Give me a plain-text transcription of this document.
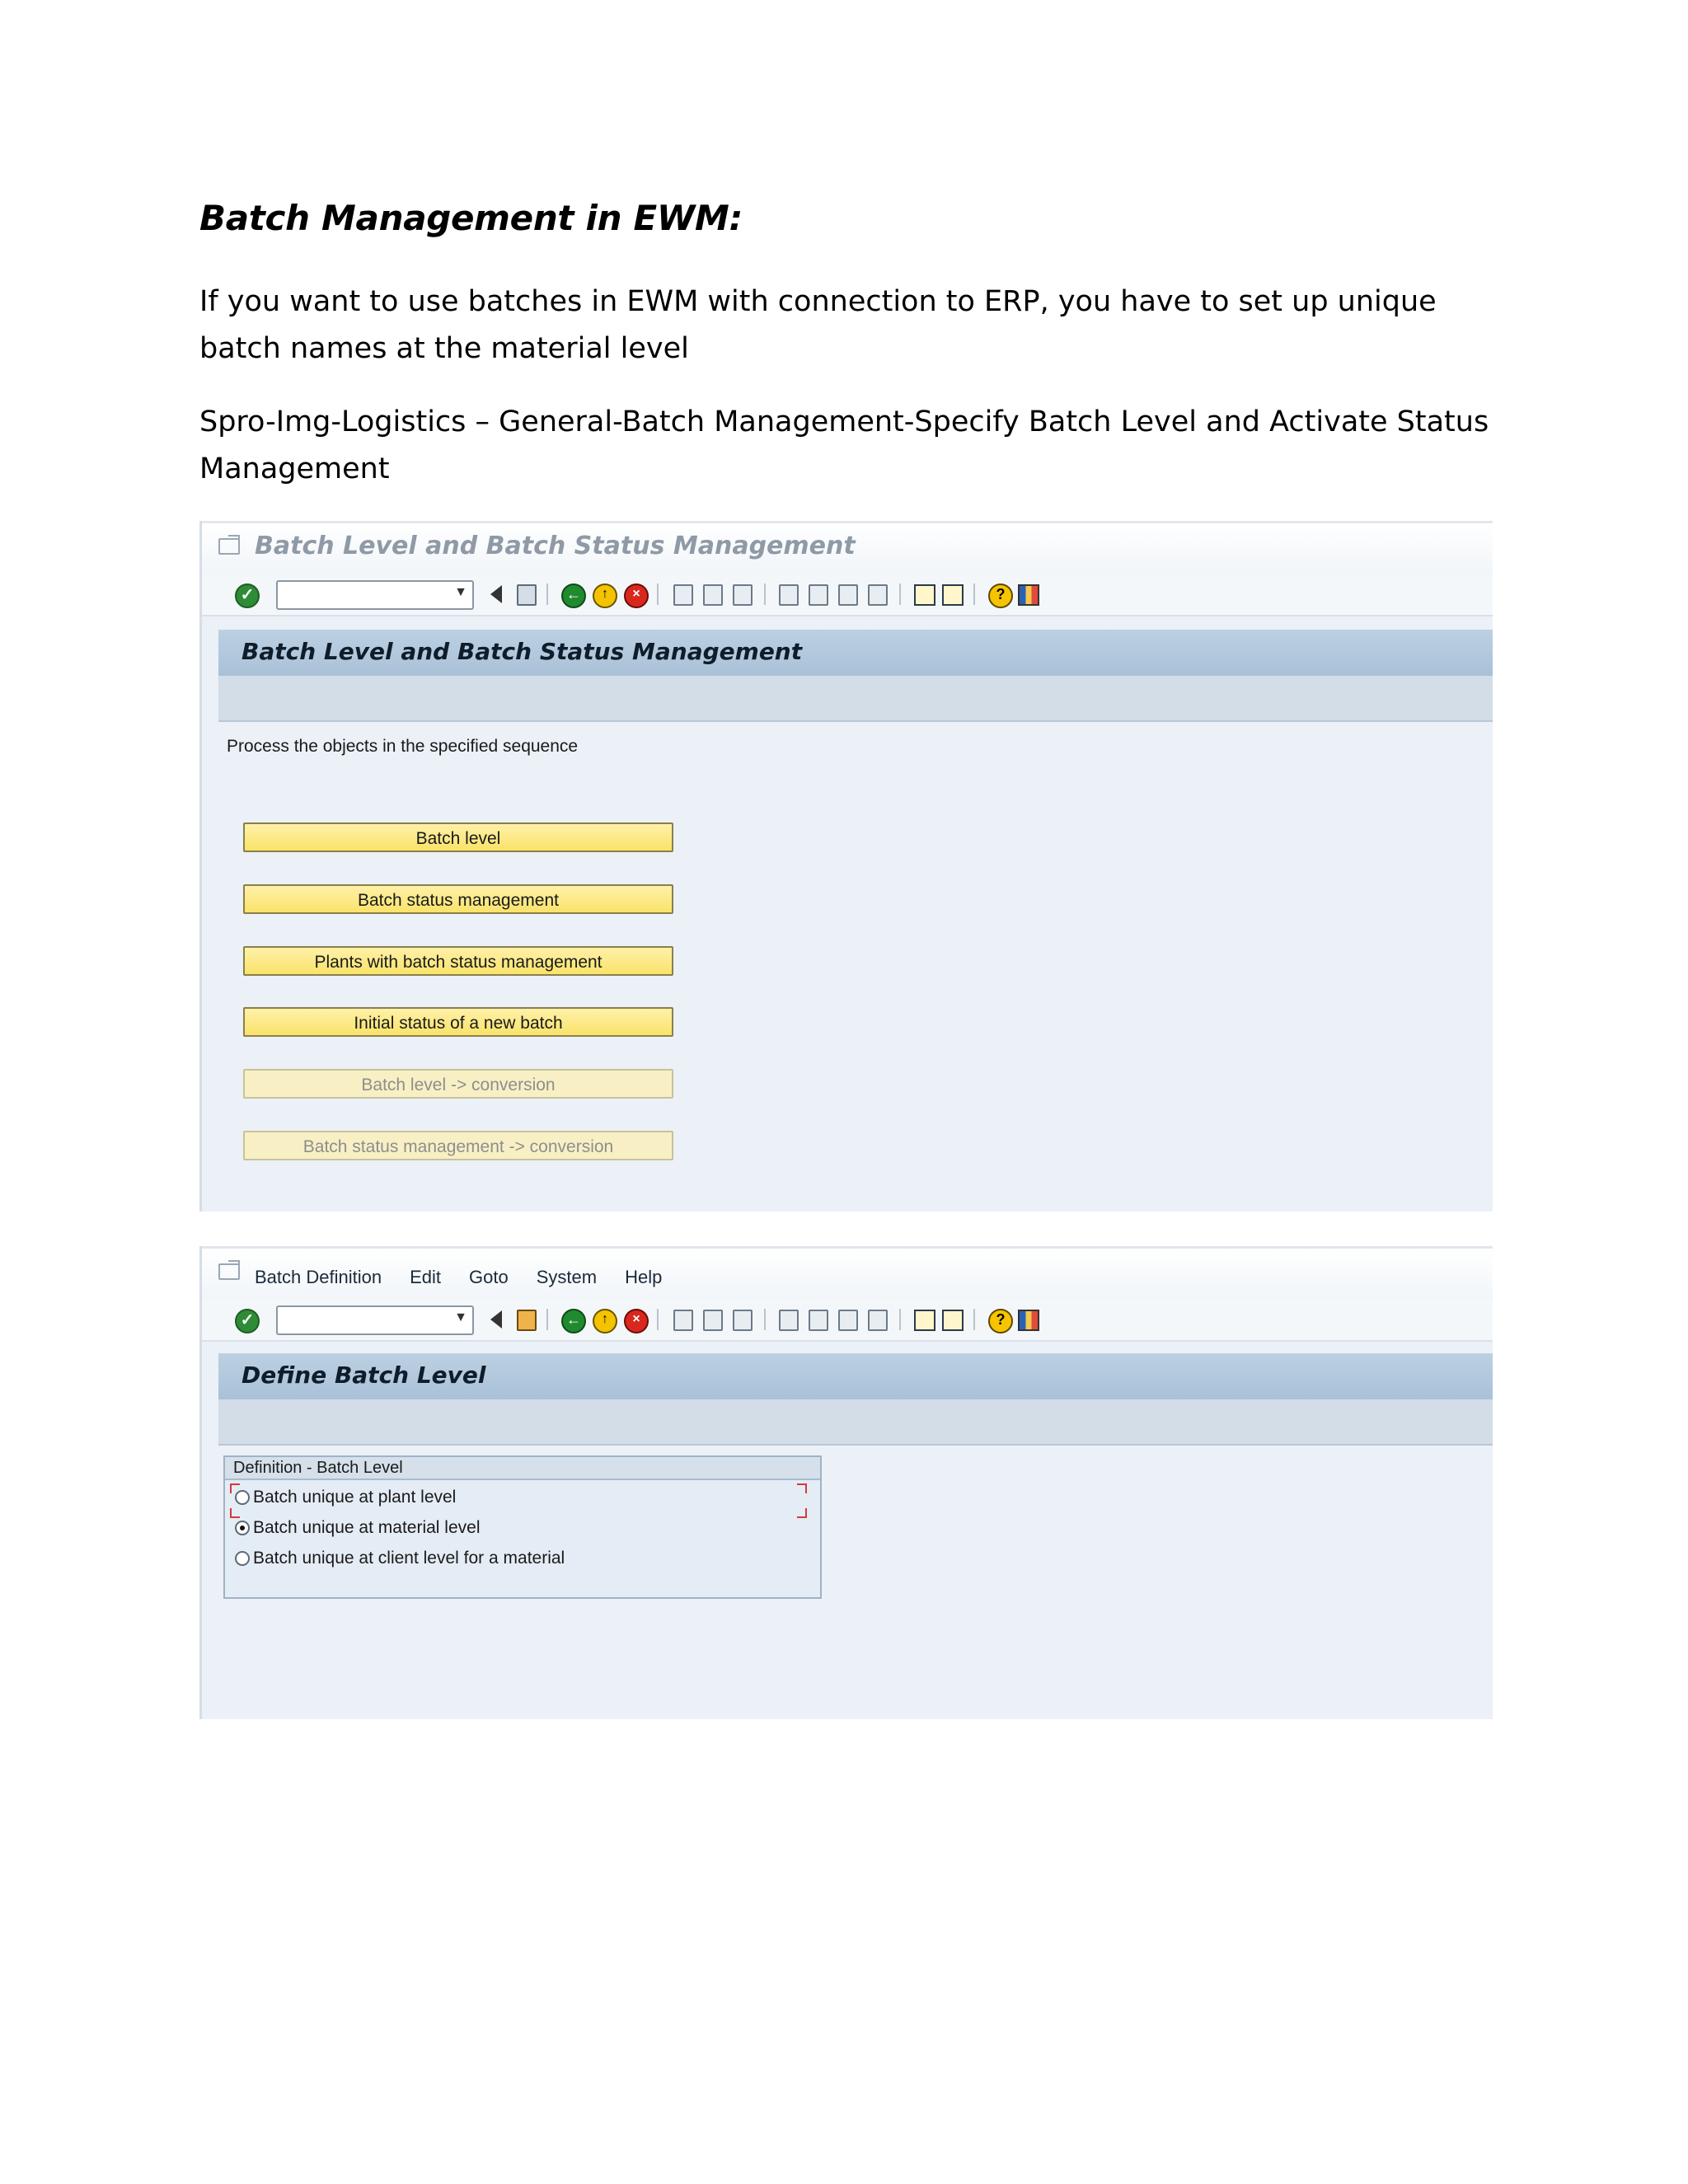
Batch Management in EWM:

If you want to use batches in EWM with connection to ERP, you have to set up unique batch names at the material level

Spro-Img-Logistics – General-Batch Management-Specify Batch Level and Activate Status Management

Batch Level and Batch Status Management
✓ ▼	←	↑	×	?
Batch Level and Batch Status Management
Process the objects in the specified sequence
Batch level
Batch status management
Plants with batch status management
Initial status of a new batch
Batch level -> conversion
Batch status management -> conversion
Batch Definition Edit Goto System Help
✓ ▼	←	↑	×	?
Define Batch Level
Definition - Batch Level
Batch unique at plant level
Batch unique at material level
Batch unique at client level for a material
